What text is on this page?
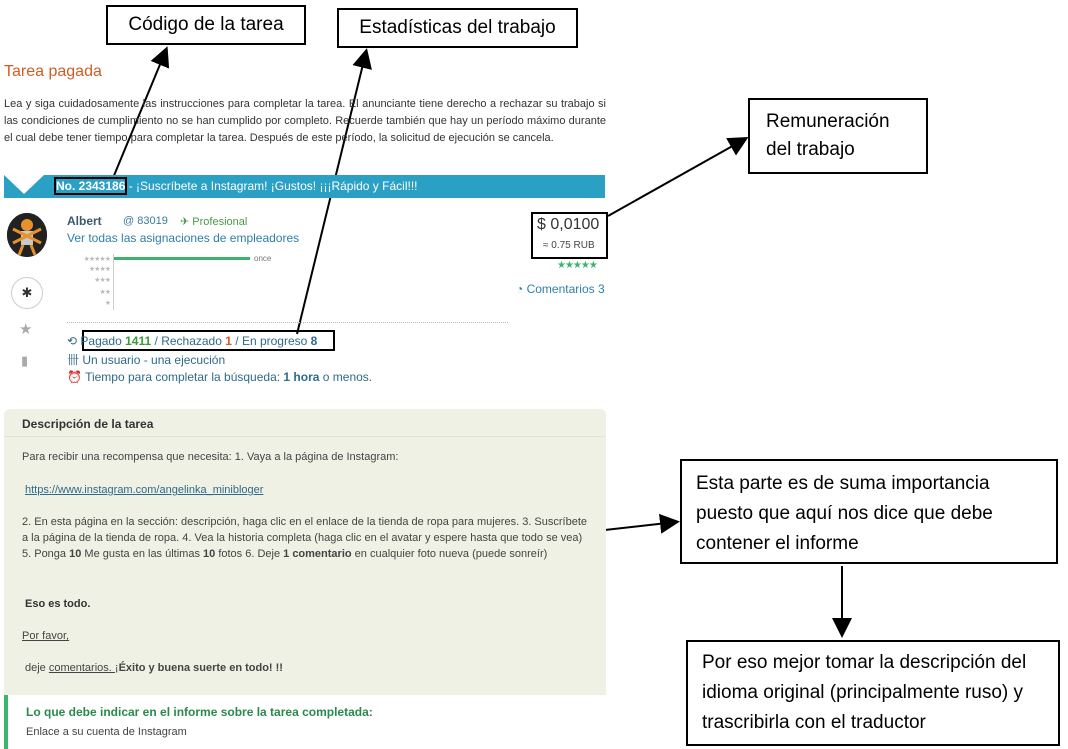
Código de la tarea	Estadísticas del trabajo
Remuneración
del trabajo
Esta parte es de suma importancia
puesto que aquí nos dice que debe
contener el informe
Por eso mejor tomar la descripción del
idioma original (principalmente ruso) y
trascribirla con el traductor
Tarea pagada
Lea y siga cuidadosamente las instrucciones para completar la tarea. El anunciante tiene derecho a rechazar su trabajo si las condiciones de cumplimiento no se han cumplido por completo. Recuerde también que hay un período máximo durante el cual debe tener tiempo para completar la tarea. Después de este período, la solicitud de ejecución se cancela.
No. 2343186 - ¡Suscríbete a Instagram! ¡Gustos! ¡¡¡Rápido y Fácil!!!
Albert @ 83019 ✈ Profesional
Ver todas las asignaciones de empleadores
★★★★★
★★★★
★★★
★★
★
once
$ 0,0100
≈ 0.75 RUB
★★★★★
◔ Comentarios 3
✱
★
▮
⟲ Pagado 1411 / Rechazado 1 / En progreso 8
卌 Un usuario - una ejecución
⏰ Tiempo para completar la búsqueda: 1 hora o menos.
Descripción de la tarea
Para recibir una recompensa que necesita: 1. Vaya a la página de Instagram:
https://www.instagram.com/angelinka_minibloger
2. En esta página en la sección: descripción, haga clic en el enlace de la tienda de ropa para mujeres. 3. Suscríbete a la página de la tienda de ropa. 4. Vea la historia completa (haga clic en el avatar y espere hasta que todo se vea) 5. Ponga 10 Me gusta en las últimas 10 fotos 6. Deje 1 comentario en cualquier foto nueva (puede sonreír)
Eso es todo.
Por favor,
deje comentarios. ¡Éxito y buena suerte en todo! !!
Lo que debe indicar en el informe sobre la tarea completada:
Enlace a su cuenta de Instagram
